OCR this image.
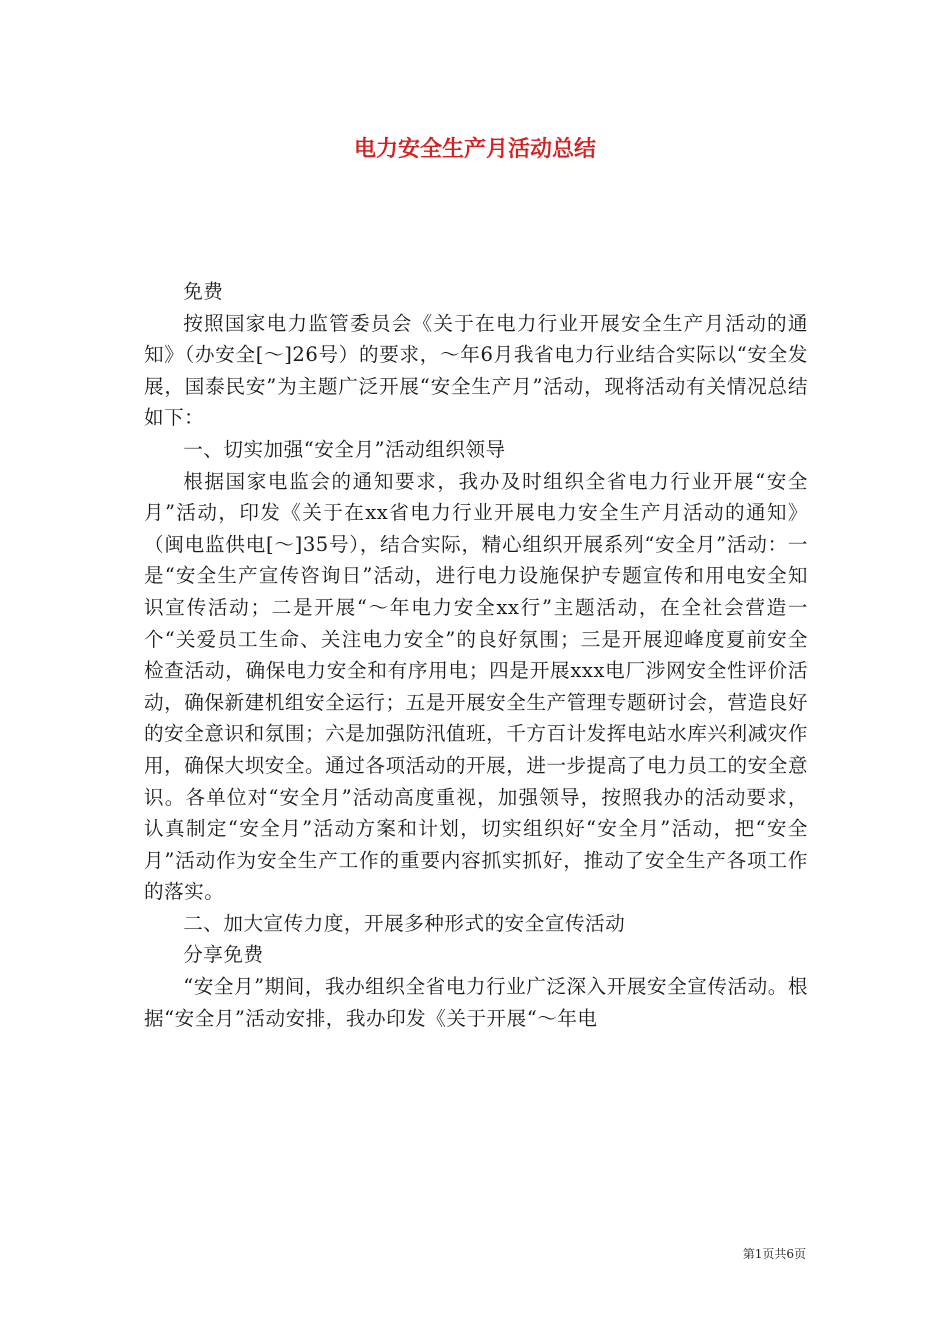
电力安全生产月活动总结

免费

按照国家电力监管委员会《关于在电力行业开展安全生产月活动的通知》（办安全[～]26号）的要求，～年6月我省电力行业结合实际以“安全发展，国泰民安”为主题广泛开展“安全生产月”活动，现将活动有关情况总结如下：

一、切实加强“安全月”活动组织领导

根据国家电监会的通知要求，我办及时组织全省电力行业开展“安全月”活动，印发《关于在xx省电力行业开展电力安全生产月活动的通知》（闽电监供电[～]35号），结合实际，精心组织开展系列“安全月”活动：一是“安全生产宣传咨询日”活动，进行电力设施保护专题宣传和用电安全知识宣传活动；二是开展“～年电力安全xx行”主题活动，在全社会营造一个“关爱员工生命、关注电力安全”的良好氛围；三是开展迎峰度夏前安全检查活动，确保电力安全和有序用电；四是开展xxx电厂涉网安全性评价活动，确保新建机组安全运行；五是开展安全生产管理专题研讨会，营造良好的安全意识和氛围；六是加强防汛值班，千方百计发挥电站水库兴利减灾作用，确保大坝安全。通过各项活动的开展，进一步提高了电力员工的安全意识。各单位对“安全月”活动高度重视，加强领导，按照我办的活动要求，认真制定“安全月”活动方案和计划，切实组织好“安全月”活动，把“安全月”活动作为安全生产工作的重要内容抓实抓好，推动了安全生产各项工作的落实。

二、加大宣传力度，开展多种形式的安全宣传活动

分享免费

“安全月”期间，我办组织全省电力行业广泛深入开展安全宣传活动。根据“安全月”活动安排，我办印发《关于开展“～年电

第1页共6页
